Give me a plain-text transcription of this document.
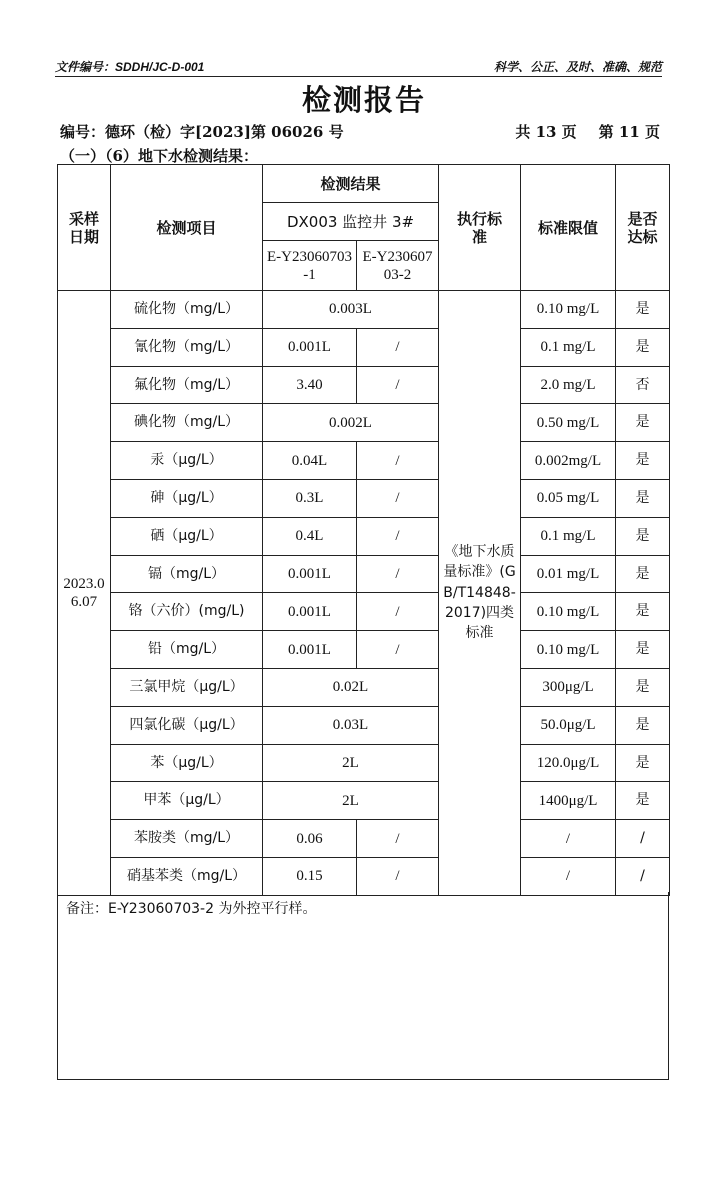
文件编号：SDDH/JC-D-001	科学、公正、及时、准确、规范
检测报告
编号：德环（检）字[2023]第 06026 号	共 13 页 第 11 页
（一）（6）地下水检测结果：
采样日期	检测项目	检测结果		执行标准	标准限值	是否达标
		DX003 监控井 3#				
		E-Y23060703-1	E-Y23060703-2			
2023.06.07	硫化物（mg/L）	0.003L		《地下水质量标准》(GB/T14848-2017)四类标准	0.10 mg/L	是
	氰化物（mg/L）	0.001L	/		0.1 mg/L	是
	氟化物（mg/L）	3.40	/		2.0 mg/L	否
	碘化物（mg/L）	0.002L			0.50 mg/L	是
	汞（μg/L）	0.04L	/		0.002mg/L	是
	砷（μg/L）	0.3L	/		0.05 mg/L	是
	硒（μg/L）	0.4L	/		0.1 mg/L	是
	镉（mg/L）	0.001L	/		0.01 mg/L	是
	铬（六价）(mg/L)	0.001L	/		0.10 mg/L	是
	铅（mg/L）	0.001L	/		0.10 mg/L	是
	三氯甲烷（μg/L）	0.02L			300μg/L	是
	四氯化碳（μg/L）	0.03L			50.0μg/L	是
	苯（μg/L）	2L			120.0μg/L	是
	甲苯（μg/L）	2L			1400μg/L	是
	苯胺类（mg/L）	0.06	/		/	/
	硝基苯类（mg/L）	0.15	/		/	/
备注：E-Y23060703-2 为外控平行样。
